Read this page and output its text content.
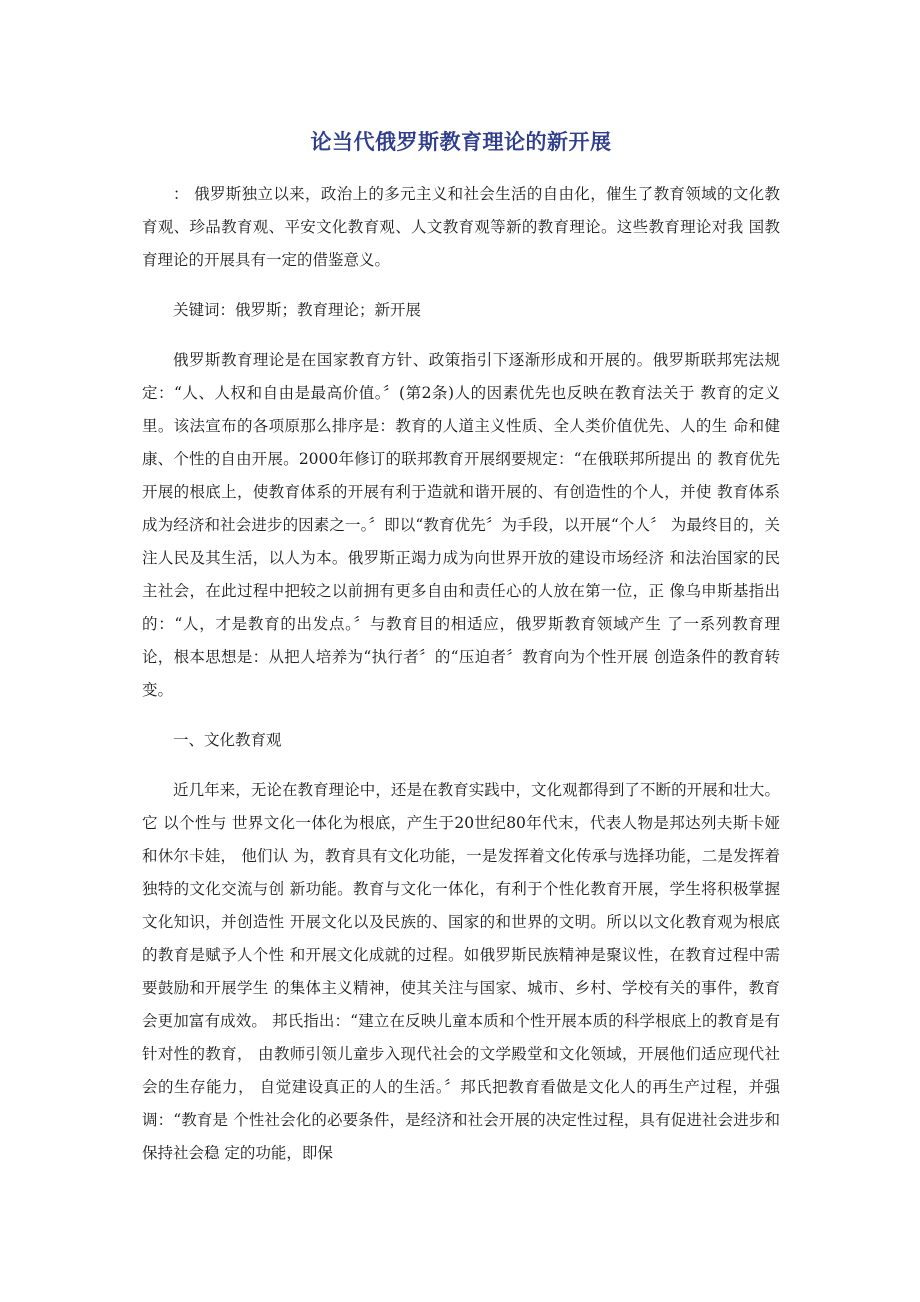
论当代俄罗斯教育理论的新开展

： 俄罗斯独立以来，政治上的多元主义和社会生活的自由化，催生了教育领域的文化教育观、珍品教育观、平安文化教育观、人文教育观等新的教育理论。这些教育理论对我 国教育理论的开展具有一定的借鉴意义。

关键词：俄罗斯；教育理论；新开展

俄罗斯教育理论是在国家教育方针、政策指引下逐渐形成和开展的。俄罗斯联邦宪法规定：“人、人权和自由是最高价值。〞(第2条)人的因素优先也反映在教育法关于 教育的定义里。该法宣布的各项原那么排序是：教育的人道主义性质、全人类价值优先、人的生 命和健康、个性的自由开展。2000年修订的联邦教育开展纲要规定：“在俄联邦所提出 的 教育优先开展的根底上，使教育体系的开展有利于造就和谐开展的、有创造性的个人，并使 教育体系成为经济和社会进步的因素之一。〞即以“教育优先〞为手段，以开展“个人〞 为最终目的，关注人民及其生活，以人为本。俄罗斯正竭力成为向世界开放的建设市场经济 和法治国家的民主社会，在此过程中把较之以前拥有更多自由和责任心的人放在第一位，正 像乌申斯基指出的：“人，才是教育的出发点。〞与教育目的相适应，俄罗斯教育领域产生 了一系列教育理论，根本思想是：从把人培养为“执行者〞的“压迫者〞教育向为个性开展 创造条件的教育转变。

一、文化教育观

近几年来，无论在教育理论中，还是在教育实践中，文化观都得到了不断的开展和壮大。它 以个性与 世界文化一体化为根底，产生于20世纪80年代末，代表人物是邦达列夫斯卡娅和休尔卡娃， 他们认 为，教育具有文化功能，一是发挥着文化传承与选择功能，二是发挥着独特的文化交流与创 新功能。教育与文化一体化，有利于个性化教育开展，学生将积极掌握文化知识，并创造性 开展文化以及民族的、国家的和世界的文明。所以以文化教育观为根底的教育是赋予人个性 和开展文化成就的过程。如俄罗斯民族精神是聚议性，在教育过程中需要鼓励和开展学生 的集体主义精神，使其关注与国家、城市、乡村、学校有关的事件，教育会更加富有成效。 邦氏指出：“建立在反映儿童本质和个性开展本质的科学根底上的教育是有针对性的教育， 由教师引领儿童步入现代社会的文学殿堂和文化领域，开展他们适应现代社会的生存能力， 自觉建设真正的人的生活。〞邦氏把教育看做是文化人的再生产过程，并强调：“教育是 个性社会化的必要条件，是经济和社会开展的决定性过程，具有促进社会进步和保持社会稳 定的功能，即保
